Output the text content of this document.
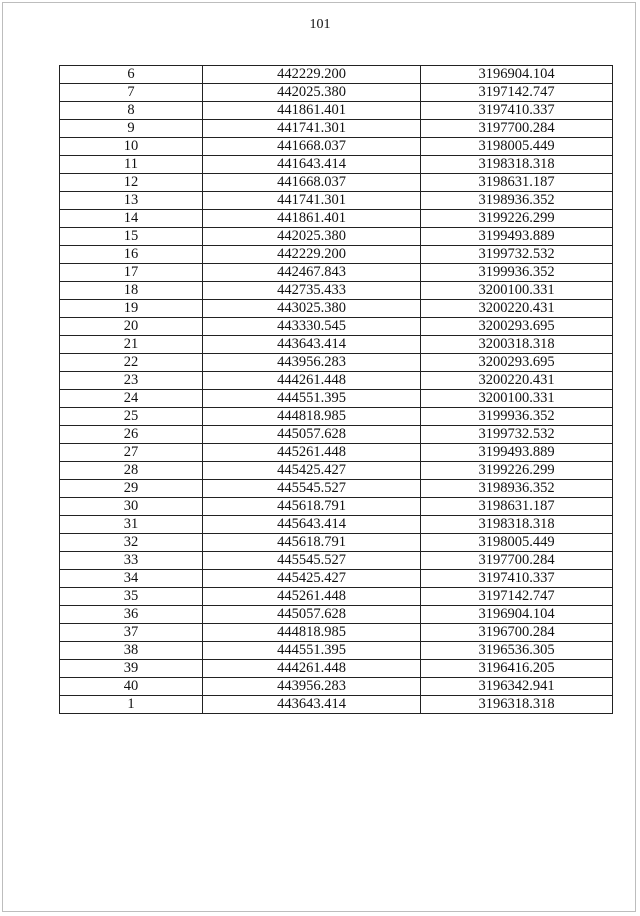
101
6	442229.200	3196904.104
7	442025.380	3197142.747
8	441861.401	3197410.337
9	441741.301	3197700.284
10	441668.037	3198005.449
11	441643.414	3198318.318
12	441668.037	3198631.187
13	441741.301	3198936.352
14	441861.401	3199226.299
15	442025.380	3199493.889
16	442229.200	3199732.532
17	442467.843	3199936.352
18	442735.433	3200100.331
19	443025.380	3200220.431
20	443330.545	3200293.695
21	443643.414	3200318.318
22	443956.283	3200293.695
23	444261.448	3200220.431
24	444551.395	3200100.331
25	444818.985	3199936.352
26	445057.628	3199732.532
27	445261.448	3199493.889
28	445425.427	3199226.299
29	445545.527	3198936.352
30	445618.791	3198631.187
31	445643.414	3198318.318
32	445618.791	3198005.449
33	445545.527	3197700.284
34	445425.427	3197410.337
35	445261.448	3197142.747
36	445057.628	3196904.104
37	444818.985	3196700.284
38	444551.395	3196536.305
39	444261.448	3196416.205
40	443956.283	3196342.941
1	443643.414	3196318.318
